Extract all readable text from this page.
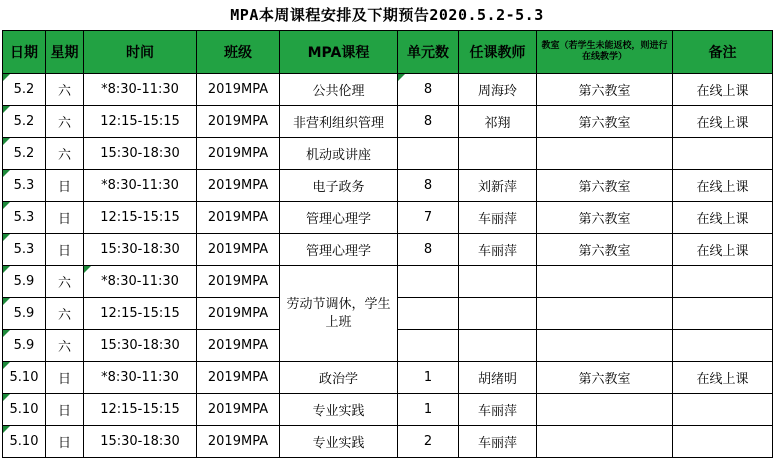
MPA本周课程安排及下期预告2020.5.2-5.3
日期	星期	时间	班级	MPA课程	单元数	任课教师	教室（若学生未能返校，则进行在线教学）	备注
5.2	六	*8:30-11:30	2019MPA	公共伦理	8	周海玲	第六教室	在线上课
5.2	六	12:15-15:15	2019MPA	非营利组织管理	8	祁翔	第六教室	在线上课
5.2	六	15:30-18:30	2019MPA	机动或讲座				
5.3	日	*8:30-11:30	2019MPA	电子政务	8	刘新萍	第六教室	在线上课
5.3	日	12:15-15:15	2019MPA	管理心理学	7	车丽萍	第六教室	在线上课
5.3	日	15:30-18:30	2019MPA	管理心理学	8	车丽萍	第六教室	在线上课
5.9	六	*8:30-11:30	2019MPA	劳动节调休，学生上班				
5.9	六	12:15-15:15	2019MPA					
5.9	六	15:30-18:30	2019MPA					
5.10	日	*8:30-11:30	2019MPA	政治学	1	胡绪明	第六教室	在线上课
5.10	日	12:15-15:15	2019MPA	专业实践	1	车丽萍		
5.10	日	15:30-18:30	2019MPA	专业实践	2	车丽萍		
